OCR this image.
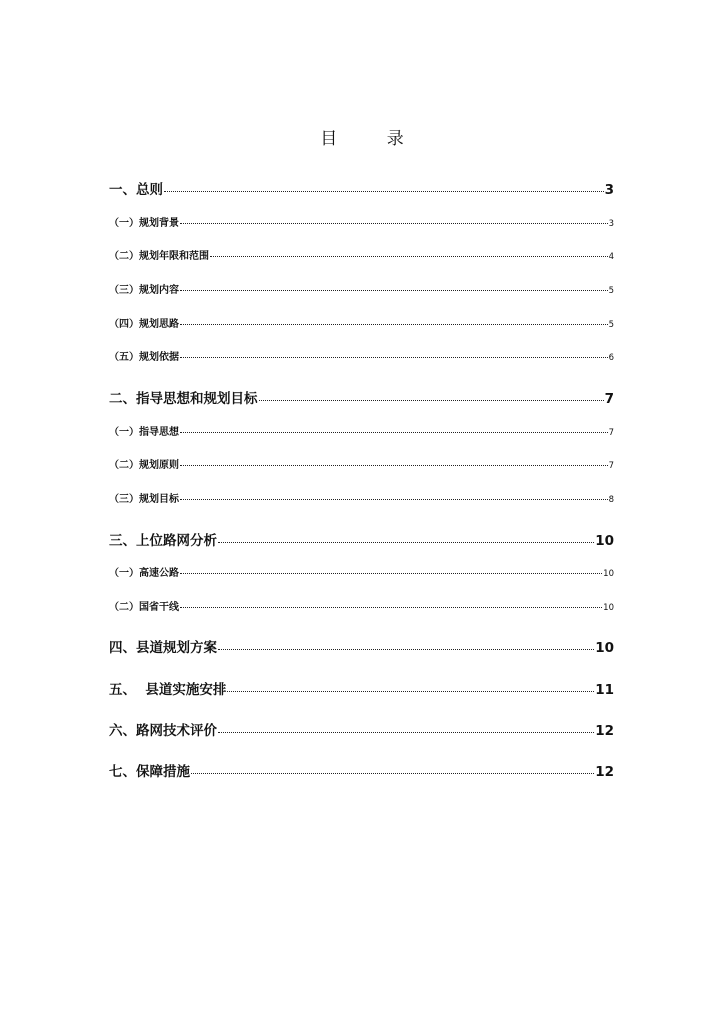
目 录
一、总则	3
（一）规划背景	3
（二）规划年限和范围	4
（三）规划内容	5
（四）规划思路	5
（五）规划依据	6
二、指导思想和规划目标	7
（一）指导思想	7
（二）规划原则	7
（三）规划目标	8
三、上位路网分析	10
（一）高速公路	10
（二）国省干线	10
四、县道规划方案	10
五、  县道实施安排	11
六、路网技术评价	12
七、保障措施	12
